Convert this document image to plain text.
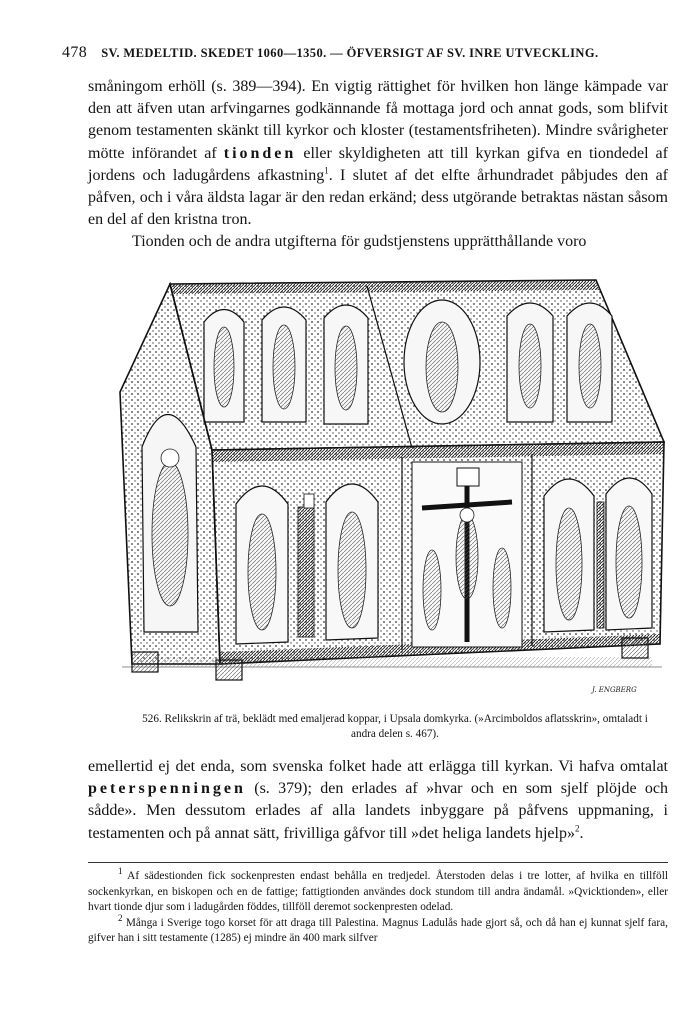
478 SV. MEDELTID. SKEDET 1060—1350. — ÖFVERSIGT AF SV. INRE UTVECKLING.

småningom erhöll (s. 389—394). En vigtig rättighet för hvilken hon länge kämpade var den att äfven utan arfvingarnes godkännande få mottaga jord och annat gods, som blifvit genom testamenten skänkt till kyrkor och kloster (testamentsfriheten). Mindre svårigheter mötte införandet af tionden eller skyldigheten att till kyrkan gifva en tiondedel af jordens och ladugårdens afkastning$^1$. I slutet af det elfte århundradet påbjudes den af påfven, och i våra äldsta lagar är den redan erkänd; dess utgörande betraktas nästan såsom en del af den kristna tron.

Tionden och de andra utgifterna för gudstjenstens upprätthållande voro

J. ENGBERG
526. Relikskrin af trä, beklädt med emaljerad koppar, i Upsala domkyrka. (»Arcimboldos aflatsskrin», omtaladt i andra delen s. 467).

emellertid ej det enda, som svenska folket hade att erlägga till kyrkan. Vi hafva omtalat peterspenningen (s. 379); den erlades af »hvar och en som sjelf plöjde och sådde». Men dessutom erlades af alla landets inbyggare på påfvens uppmaning, i testamenten och på annat sätt, frivilliga gåfvor till »det heliga landets hjelp»$^2$.

$^1$ Af sädestionden fick sockenpresten endast behålla en tredjedel. Återstoden delas i tre lotter, af hvilka en tillföll sockenkyrkan, en biskopen och en de fattige; fattigtionden användes dock stundom till andra ändamål. »Qvicktionden», eller hvart tionde djur som i ladugården föddes, tillföll deremot sockenpresten odelad.

$^2$ Många i Sverige togo korset för att draga till Palestina. Magnus Ladulås hade gjort så, och då han ej kunnat sjelf fara, gifver han i sitt testamente (1285) ej mindre än 400 mark silfver
